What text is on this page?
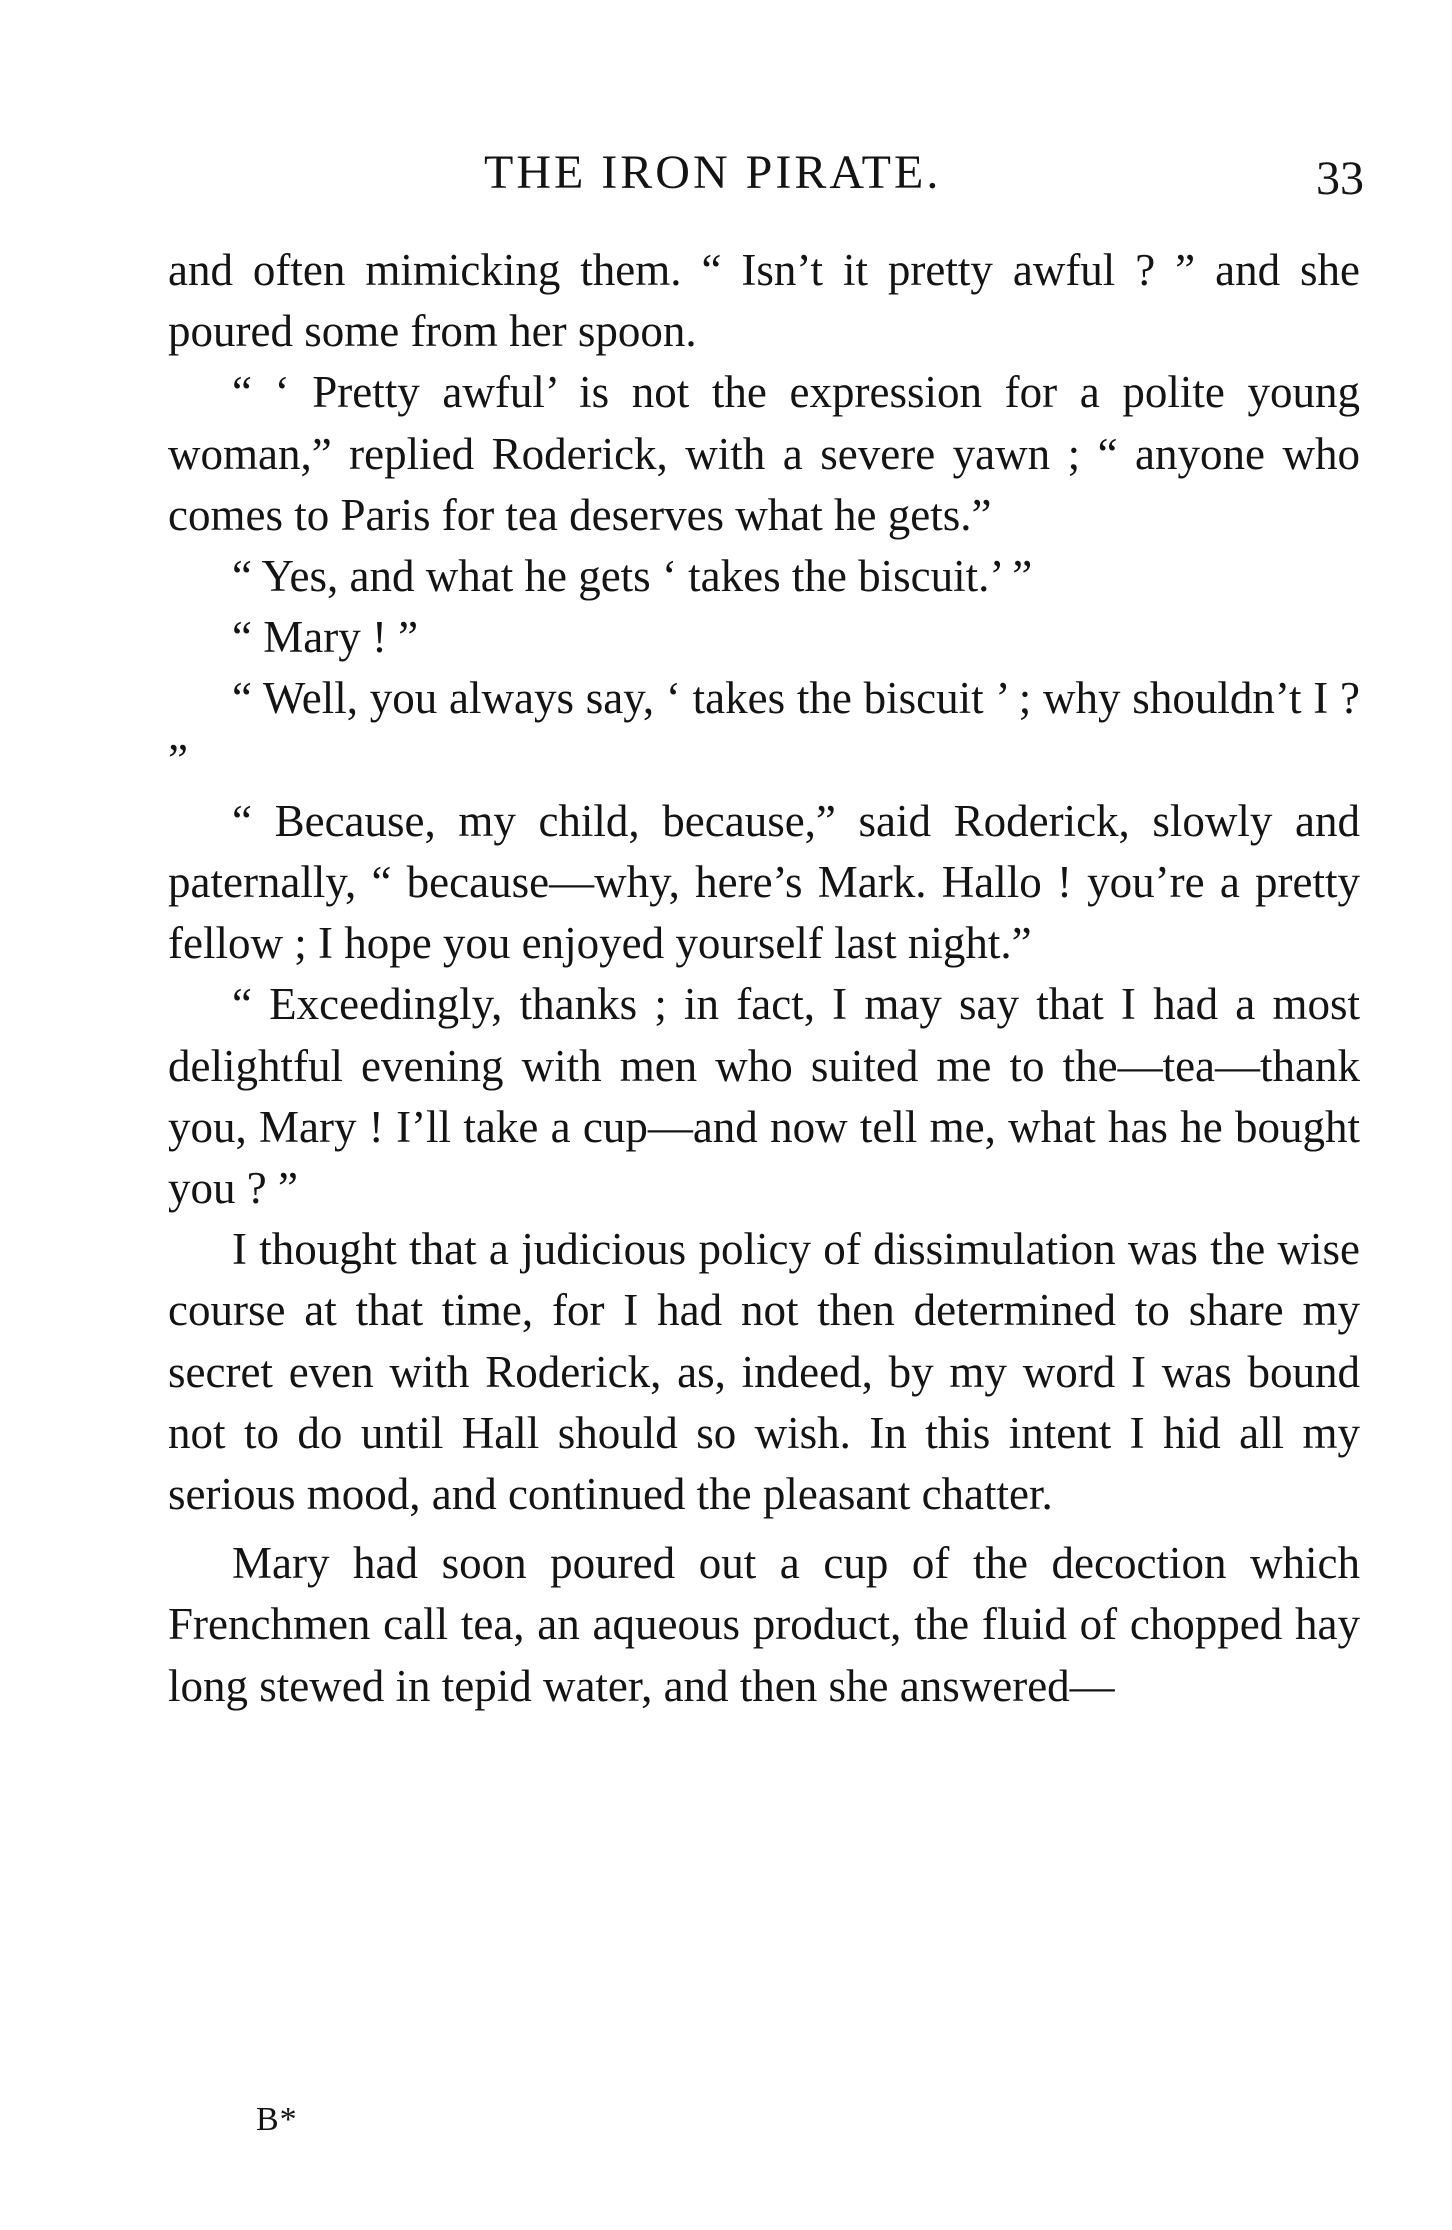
THE IRON PIRATE.	33

and often mimicking them. “ Isn’t it pretty awful ? ” and she poured some from her spoon.

“ ‘ Pretty awful’ is not the expression for a polite young woman,” replied Roderick, with a severe yawn ; “ anyone who comes to Paris for tea deserves what he gets.”

“ Yes, and what he gets ‘ takes the biscuit.’ ”

“ Mary ! ”

“ Well, you always say, ‘ takes the biscuit ’ ; why shouldn’t I ? ”

“ Because, my child, because,” said Roderick, slowly and paternally, “ because—why, here’s Mark. Hallo ! you’re a pretty fellow ; I hope you enjoyed yourself last night.”

“ Exceedingly, thanks ; in fact, I may say that I had a most delightful evening with men who suited me to the—tea—thank you, Mary ! I’ll take a cup—and now tell me, what has he bought you ? ”

I thought that a judicious policy of dissimulation was the wise course at that time, for I had not then determined to share my secret even with Roderick, as, indeed, by my word I was bound not to do until Hall should so wish. In this intent I hid all my serious mood, and continued the pleasant chatter.

Mary had soon poured out a cup of the decoction which Frenchmen call tea, an aqueous product, the fluid of chopped hay long stewed in tepid water, and then she answered—

B*
